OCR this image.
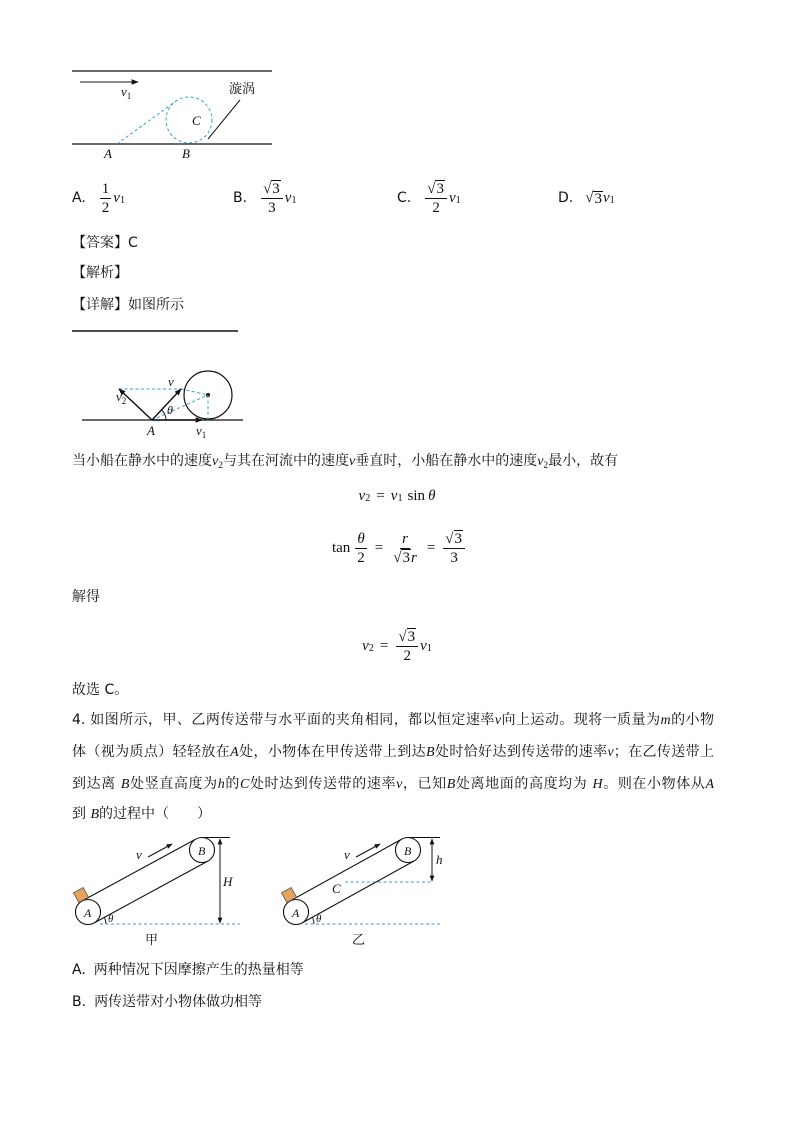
$v_1$
C
漩涡
A	B
A. $\frac{1}{2}$ v 1	B. $\frac{√3}{3}$ v 1	C. $\frac{√3}{2}$ v 1	D. √ 3 v 1
【答案】C
【解析】
【详解】如图所示
v
$v_2$
θ
A	$v_1$
当小船在静水中的速度$v_2$与其在河流中的速度v垂直时，小船在静水中的速度$v_2$最小，故有
v 2 = v 1 sin θ
$\tan \frac{\theta}{2} = \frac{r}{√3r} = \frac{√3}{3}$
解得
v $2 = \frac{√3}{2}$ v 1
故选 C。
4. 如图所示，甲、乙两传送带与水平面的夹角相同，都以恒定速率v向上运动。现将一质量为m的小物
体（视为质点）轻轻放在A处，小物体在甲传送带上到达B处时恰好达到传送带的速率v；在乙传送带上
到达离 B处竖直高度为h的C处时达到传送带的速率v，已知B处离地面的高度均为 H。则在小物体从A
到 B的过程中（　　）
A
B
v
H
θ
甲
A
B
v
C
h
θ
乙
A. 两种情况下因摩擦产生的热量相等
B. 两传送带对小物体做功相等
